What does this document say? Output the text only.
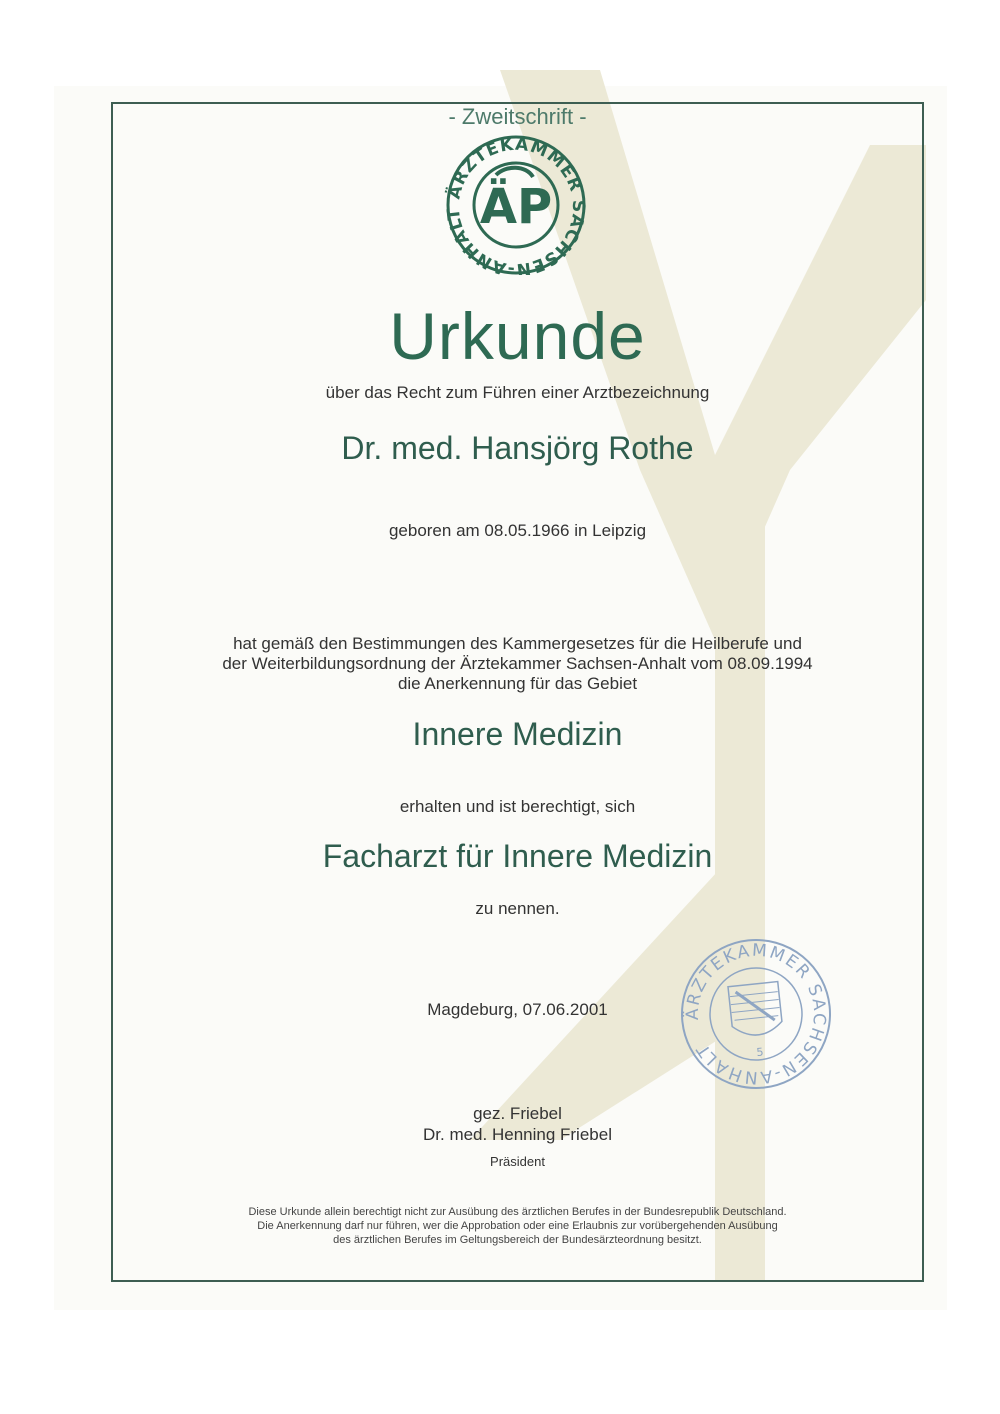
- Zweitschrift -

ÄRZTEKAMMER SACHSEN-ANHALT ÄP

Urkunde

über das Recht zum Führen einer Arztbezeichnung

Dr. med. Hansjörg Rothe

geboren am 08.05.1966 in Leipzig

hat gemäß den Bestimmungen des Kammergesetzes für die Heilberufe und
der Weiterbildungsordnung der Ärztekammer Sachsen-Anhalt vom 08.09.1994
die Anerkennung für das Gebiet

Innere Medizin

erhalten und ist berechtigt, sich

Facharzt für Innere Medizin

zu nennen.

ÄRZTEKAMMER SACHSEN-ANHALT	5

Magdeburg, 07.06.2001

gez. Friebel

Dr. med. Henning Friebel

Präsident

Diese Urkunde allein berechtigt nicht zur Ausübung des ärztlichen Berufes in der Bundesrepublik Deutschland.
Die Anerkennung darf nur führen, wer die Approbation oder eine Erlaubnis zur vorübergehenden Ausübung
des ärztlichen Berufes im Geltungsbereich der Bundesärzteordnung besitzt.
